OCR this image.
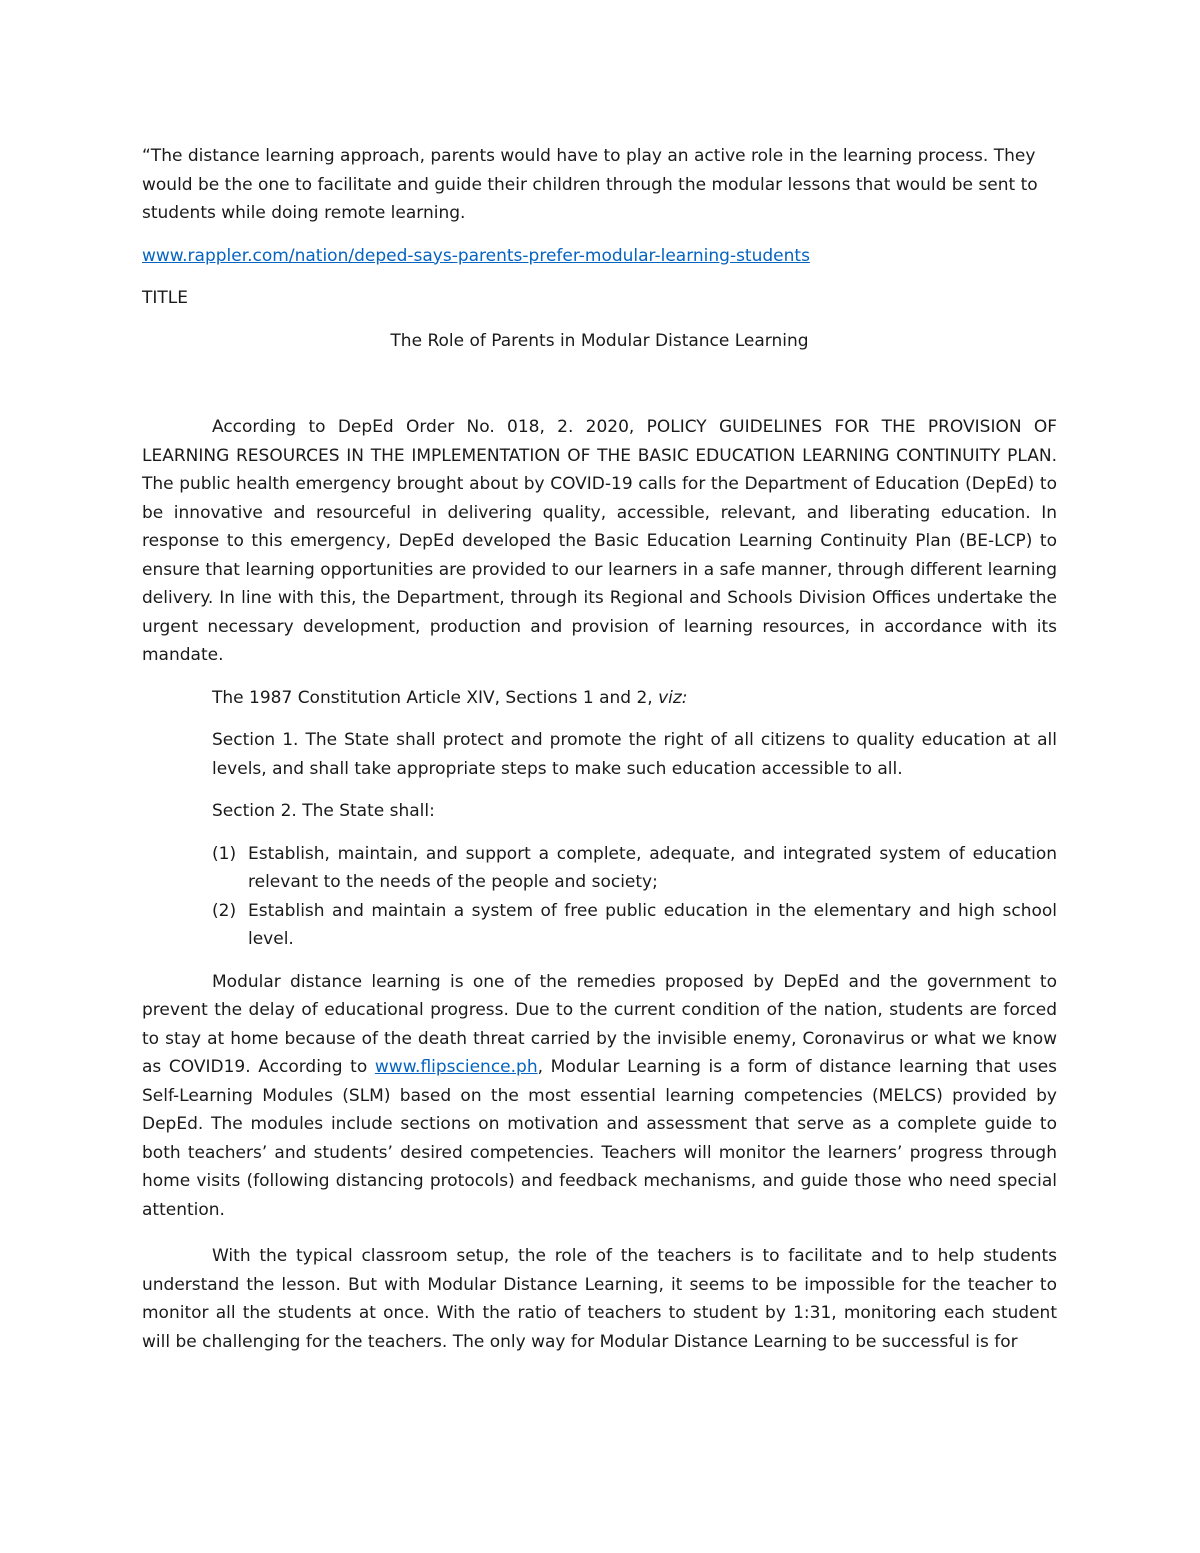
“The distance learning approach, parents would have to play an active role in the learning process. They would be the one to facilitate and guide their children through the modular lessons that would be sent to students while doing remote learning.

www.rappler.com/nation/deped-says-parents-prefer-modular-learning-students

TITLE

The Role of Parents in Modular Distance Learning

According to DepEd Order No. 018, 2. 2020, POLICY GUIDELINES FOR THE PROVISION OF LEARNING RESOURCES IN THE IMPLEMENTATION OF THE BASIC EDUCATION LEARNING CONTINUITY PLAN. The public health emergency brought about by COVID-19 calls for the Department of Education (DepEd) to be innovative and resourceful in delivering quality, accessible, relevant, and liberating education. In response to this emergency, DepEd developed the Basic Education Learning Continuity Plan (BE-LCP) to ensure that learning opportunities are provided to our learners in a safe manner, through different learning delivery. In line with this, the Department, through its Regional and Schools Division Offices undertake the urgent necessary development, production and provision of learning resources, in accordance with its mandate.

The 1987 Constitution Article XIV, Sections 1 and 2, viz:

Section 1. The State shall protect and promote the right of all citizens to quality education at all levels, and shall take appropriate steps to make such education accessible to all.

Section 2. The State shall:

(1) Establish, maintain, and support a complete, adequate, and integrated system of education relevant to the needs of the people and society;
(2) Establish and maintain a system of free public education in the elementary and high school level.

Modular distance learning is one of the remedies proposed by DepEd and the government to prevent the delay of educational progress. Due to the current condition of the nation, students are forced to stay at home because of the death threat carried by the invisible enemy, Coronavirus or what we know as COVID19. According to www.flipscience.ph, Modular Learning is a form of distance learning that uses Self-Learning Modules (SLM) based on the most essential learning competencies (MELCS) provided by DepEd. The modules include sections on motivation and assessment that serve as a complete guide to both teachers’ and students’ desired competencies. Teachers will monitor the learners’ progress through home visits (following distancing protocols) and feedback mechanisms, and guide those who need special attention.

With the typical classroom setup, the role of the teachers is to facilitate and to help students understand the lesson. But with Modular Distance Learning, it seems to be impossible for the teacher to monitor all the students at once. With the ratio of teachers to student by 1:31, monitoring each student will be challenging for the teachers. The only way for Modular Distance Learning to be successful is for
